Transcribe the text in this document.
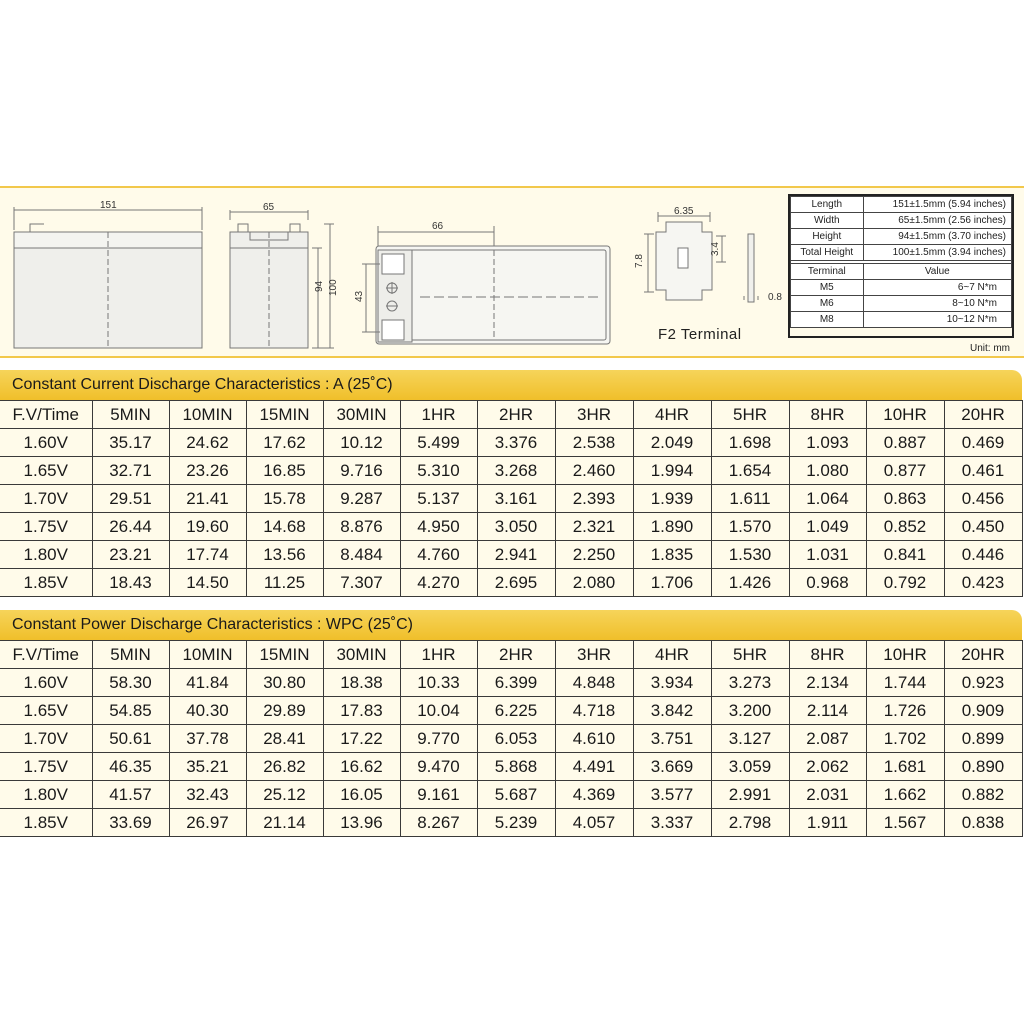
151	65
94 100
66
43
6.35
7.8
3.4
0.8
F2 Terminal
Length	151±1.5mm (5.94 inches)
Width	65±1.5mm (2.56 inches)
Height	94±1.5mm (3.70 inches)
Total Height	100±1.5mm (3.94 inches)

Terminal	Value
M5	6~7 N*m
M6	8~10 N*m
M8	10~12 N*m
Unit: mm
Constant Current Discharge Characteristics : A (25˚C)
F.V/Time	5MIN	10MIN	15MIN	30MIN	1HR	2HR	3HR	4HR	5HR	8HR	10HR	20HR
1.60V	35.17	24.62	17.62	10.12	5.499	3.376	2.538	2.049	1.698	1.093	0.887	0.469
1.65V	32.71	23.26	16.85	9.716	5.310	3.268	2.460	1.994	1.654	1.080	0.877	0.461
1.70V	29.51	21.41	15.78	9.287	5.137	3.161	2.393	1.939	1.611	1.064	0.863	0.456
1.75V	26.44	19.60	14.68	8.876	4.950	3.050	2.321	1.890	1.570	1.049	0.852	0.450
1.80V	23.21	17.74	13.56	8.484	4.760	2.941	2.250	1.835	1.530	1.031	0.841	0.446
1.85V	18.43	14.50	11.25	7.307	4.270	2.695	2.080	1.706	1.426	0.968	0.792	0.423
Constant Power Discharge Characteristics : WPC (25˚C)
F.V/Time	5MIN	10MIN	15MIN	30MIN	1HR	2HR	3HR	4HR	5HR	8HR	10HR	20HR
1.60V	58.30	41.84	30.80	18.38	10.33	6.399	4.848	3.934	3.273	2.134	1.744	0.923
1.65V	54.85	40.30	29.89	17.83	10.04	6.225	4.718	3.842	3.200	2.114	1.726	0.909
1.70V	50.61	37.78	28.41	17.22	9.770	6.053	4.610	3.751	3.127	2.087	1.702	0.899
1.75V	46.35	35.21	26.82	16.62	9.470	5.868	4.491	3.669	3.059	2.062	1.681	0.890
1.80V	41.57	32.43	25.12	16.05	9.161	5.687	4.369	3.577	2.991	2.031	1.662	0.882
1.85V	33.69	26.97	21.14	13.96	8.267	5.239	4.057	3.337	2.798	1.911	1.567	0.838
